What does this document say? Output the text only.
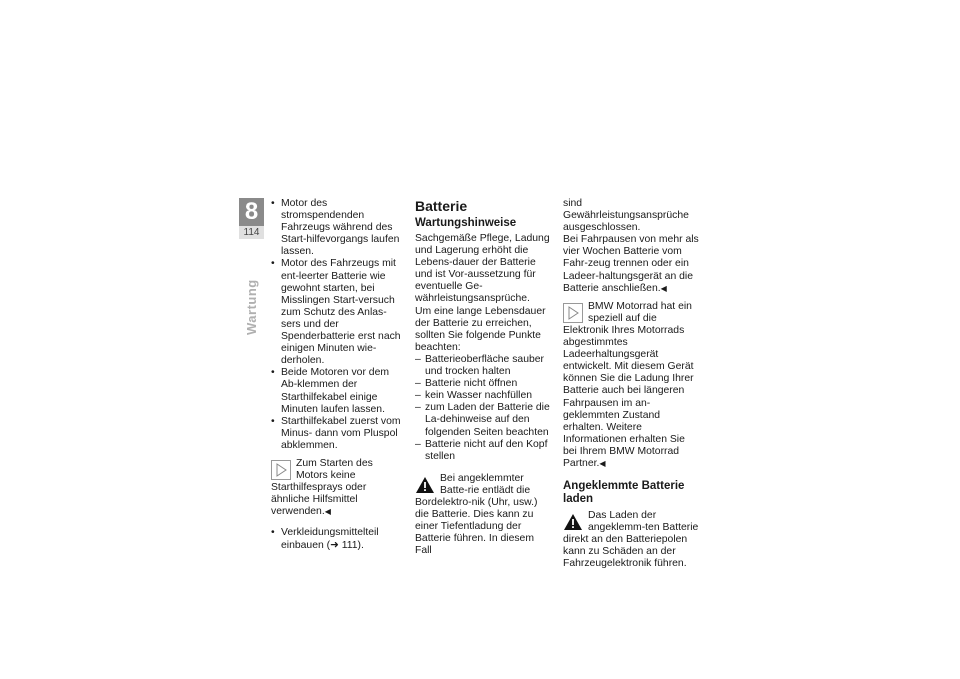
8
114
Wartung
• Motor des stromspendenden Fahrzeugs während des Start-hilfevorgangs laufen lassen.
• Motor des Fahrzeugs mit ent-leerter Batterie wie gewohnt starten, bei Misslingen Start-versuch zum Schutz des Anlas-sers und der Spenderbatterie erst nach einigen Minuten wie-derholen.
• Beide Motoren vor dem Ab-klemmen der Starthilfekabel einige Minuten laufen lassen.
• Starthilfekabel zuerst vom Minus- dann vom Pluspol abklemmen.

Zum Starten des Motors keine Starthilfesprays oder ähnliche Hilfsmittel verwenden.◀

• Verkleidungsmittelteil einbauen (➜ 111).
Batterie
Wartungshinweise

Sachgemäße Pflege, Ladung und Lagerung erhöht die Lebens-dauer der Batterie und ist Vor-aussetzung für eventuelle Ge-währleistungsansprüche.

Um eine lange Lebensdauer der Batterie zu erreichen, sollten Sie folgende Punkte beachten:

– Batterieoberfläche sauber und trocken halten
– Batterie nicht öffnen
– kein Wasser nachfüllen
– zum Laden der Batterie die La-dehinweise auf den folgenden Seiten beachten
– Batterie nicht auf den Kopf stellen

Bei angeklemmter Batte-rie entlädt die Bordelektro-nik (Uhr, usw.) die Batterie. Dies kann zu einer Tiefentladung der Batterie führen. In diesem Fall

sind Gewährleistungsansprüche ausgeschlossen.

Bei Fahrpausen von mehr als vier Wochen Batterie vom Fahr-zeug trennen oder ein Ladeer-haltungsgerät an die Batterie anschließen.◀

BMW Motorrad hat ein speziell auf die Elektronik Ihres Motorrads abgestimmtes Ladeerhaltungsgerät entwickelt. Mit diesem Gerät können Sie die Ladung Ihrer Batterie auch bei längeren Fahrpausen im an-geklemmten Zustand erhalten. Weitere Informationen erhalten Sie bei Ihrem BMW Motorrad Partner.◀

Angeklemmte Batterie laden

Das Laden der angeklemm-ten Batterie direkt an den Batteriepolen kann zu Schäden an der Fahrzeugelektronik führen.
